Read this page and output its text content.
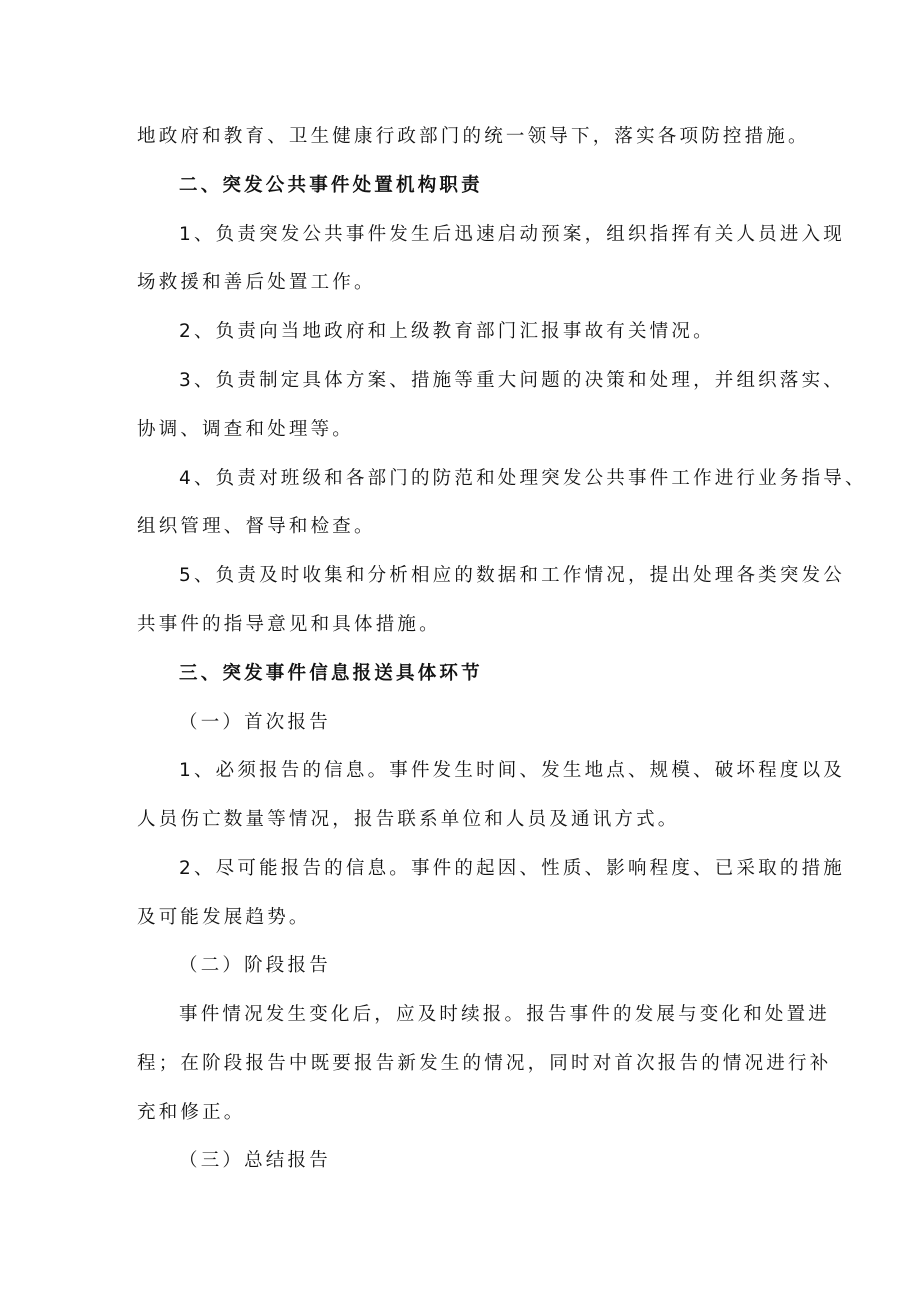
地政府和教育、卫生健康行政部门的统一领导下，落实各项防控措施。
二、突发公共事件处置机构职责
1、负责突发公共事件发生后迅速启动预案，组织指挥有关人员进入现
场救援和善后处置工作。
2、负责向当地政府和上级教育部门汇报事故有关情况。
3、负责制定具体方案、措施等重大问题的决策和处理，并组织落实、
协调、调查和处理等。
4、负责对班级和各部门的防范和处理突发公共事件工作进行业务指导、
组织管理、督导和检查。
5、负责及时收集和分析相应的数据和工作情况，提出处理各类突发公
共事件的指导意见和具体措施。
三、突发事件信息报送具体环节
（一）首次报告
1、必须报告的信息。事件发生时间、发生地点、规模、破坏程度以及
人员伤亡数量等情况，报告联系单位和人员及通讯方式。
2、尽可能报告的信息。事件的起因、性质、影响程度、已采取的措施
及可能发展趋势。
（二）阶段报告
事件情况发生变化后，应及时续报。报告事件的发展与变化和处置进
程；在阶段报告中既要报告新发生的情况，同时对首次报告的情况进行补
充和修正。
（三）总结报告
